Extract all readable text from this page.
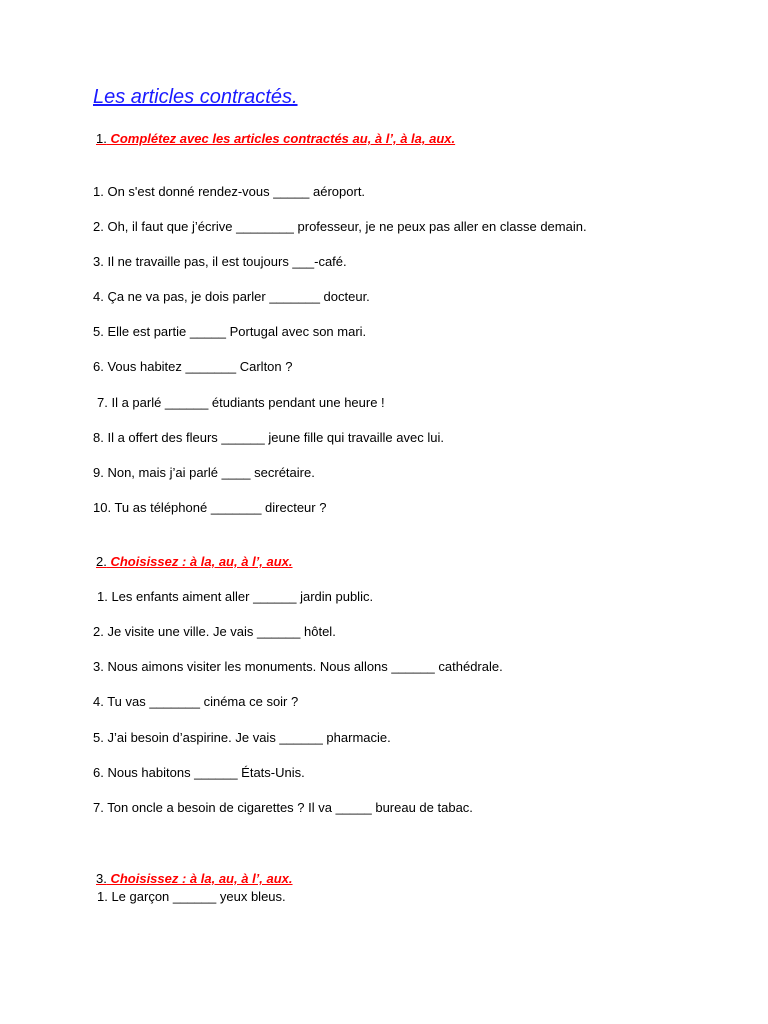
Les articles contractés.
1. Complétez avec les articles contractés au, à l’, à la, aux.
1. On s'est donné rendez-vous _____ aéroport.
2. Oh, il faut que j’écrive ________ professeur, je ne peux pas aller en classe demain.
3. Il ne travaille pas, il est toujours ___-café.
4. Ça ne va pas, je dois parler _______ docteur.
5. Elle est partie _____ Portugal avec son mari.
6. Vous habitez _______ Carlton ?
7. Il a parlé ______ étudiants pendant une heure !
8. Il a offert des fleurs ______ jeune fille qui travaille avec lui.
9. Non, mais j’ai parlé ____ secrétaire.
10. Tu as téléphoné _______ directeur ?
2. Choisissez : à la, au, à l’, aux.
1. Les enfants aiment aller ______ jardin public.
2. Je visite une ville. Je vais ______ hôtel.
3. Nous aimons visiter les monuments. Nous allons ______ cathédrale.
4. Tu vas _______ cinéma ce soir ?
5. J’ai besoin d’aspirine. Je vais ______ pharmacie.
6. Nous habitons ______ États-Unis.
7. Ton oncle a besoin de cigarettes ? Il va _____ bureau de tabac.
3. Choisissez : à la, au, à l’, aux.
1. Le garçon ______ yeux bleus.
